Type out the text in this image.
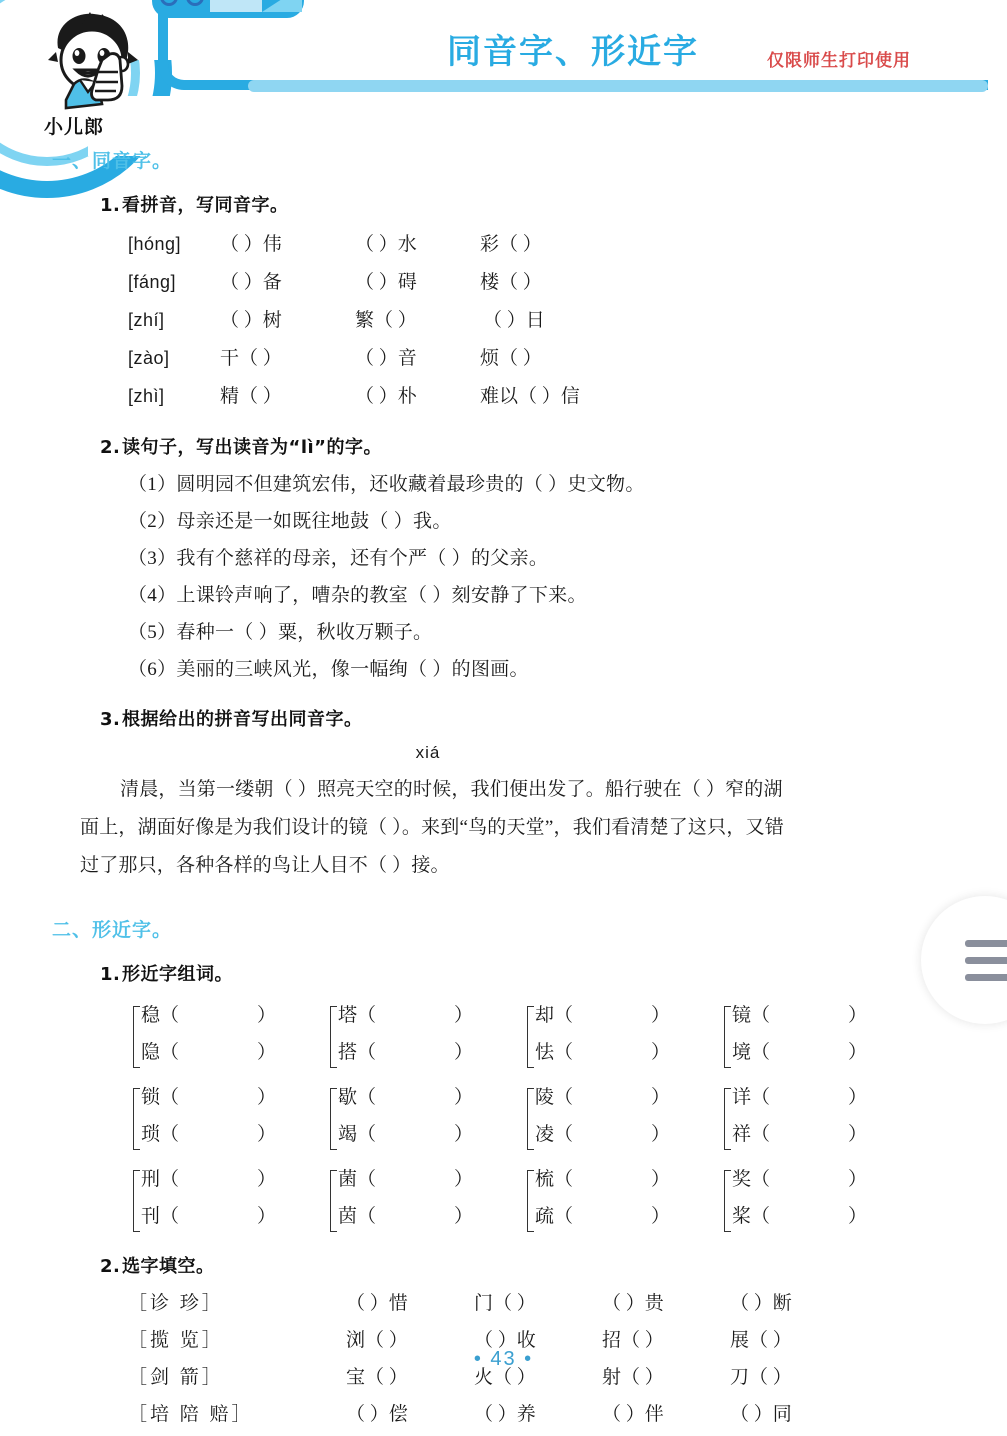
小儿郎
同音字、形近字	仅限师生打印使用
一、同音字。
1.看拼音，写同音字。
[hóng]	（ ）伟	（ ）水	彩（ ）
[fáng]	（ ）备	（ ）碍	楼（ ）
[zhí]	（ ）树	繁（ ）	（ ）日
[zào]	干（ ）	（ ）音	烦（ ）
[zhì]	精（ ）	（ ）朴	难以（ ）信
2.读句子，写出读音为“lì”的字。
（1）圆明园不但建筑宏伟，还收藏着最珍贵的（ ）史文物。
（2）母亲还是一如既往地鼓（ ）我。
（3）我有个慈祥的母亲，还有个严（ ）的父亲。
（4）上课铃声响了，嘈杂的教室（ ）刻安静了下来。
（5）春种一（ ）粟，秋收万颗子。
（6）美丽的三峡风光，像一幅绚（ ）的图画。
3.根据给出的拼音写出同音字。
xiá
清晨，当第一缕朝（ ）照亮天空的时候，我们便出发了。船行驶在（ ）窄的湖
面上，湖面好像是为我们设计的镜（ ）。来到“鸟的天堂”，我们看清楚了这只，又错
过了那只，各种各样的鸟让人目不（ ）接。
二、形近字。
1.形近字组词。
稳（	）
隐（	）
塔（	）
搭（	）
却（	）
怯（	）
镜（	）
境（	）
锁（	）
琐（	）
歇（	）
竭（	）
陵（	）
凌（	）
详（	）
祥（	）
刑（	）
刊（	）
菌（	）
茵（	）
梳（	）
疏（	）
奖（	）
桨（	）
2.选字填空。
［诊 珍］	（ ）惜	门（ ）	（ ）贵	（ ）断
［揽 览］	浏（ ）	（ ）收	招（ ）	展（ ）
［剑 箭］	宝（ ）	火（ ）	射（ ）	刀（ ）
［培 陪 赔］	（ ）偿	（ ）养	（ ）伴	（ ）同
• 43 •
